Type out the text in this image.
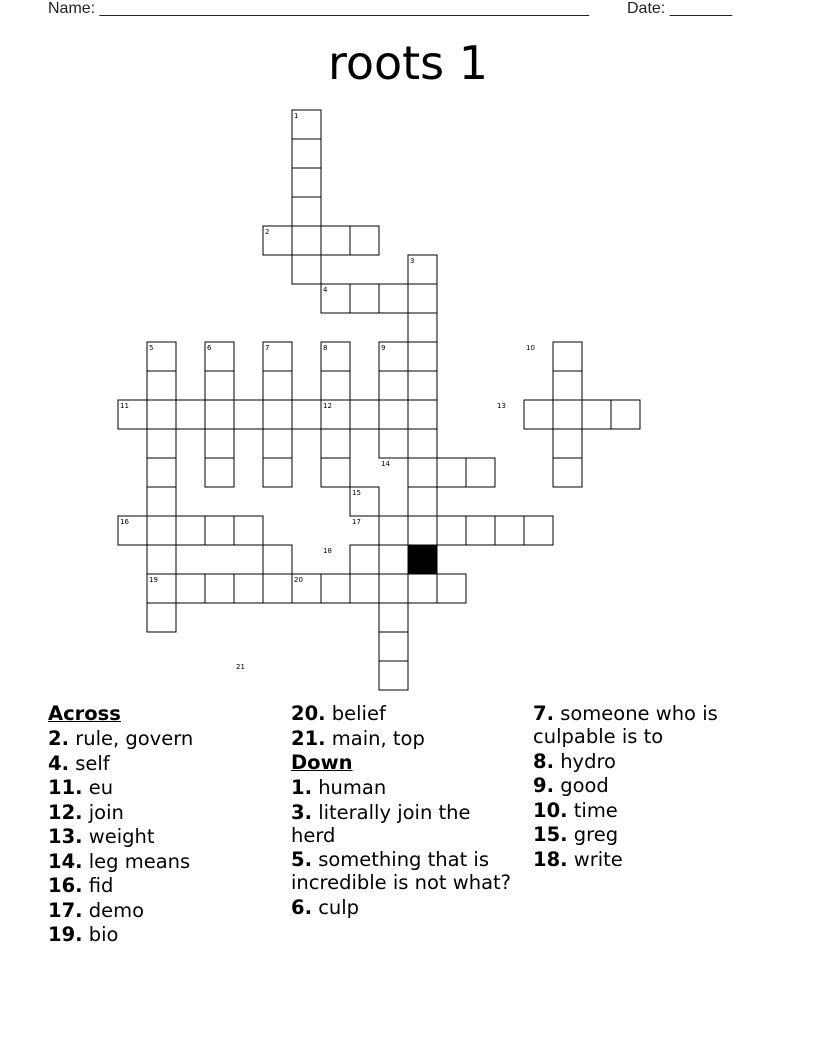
Name: _______________________________________________________ Date: _______
roots 1
1
2
3
4
5	6	7	8	9	10
11	12	13
14
15
16	17
18
19	20
21
Across
2. rule, govern
4. self
11. eu
12. join
13. weight
14. leg means
16. fid
17. demo
19. bio
20. belief
21. main, top
Down
1. human
3. literally join the herd
5. something that is incredible is not what?
6. culp
7. someone who is culpable is to
8. hydro
9. good
10. time
15. greg
18. write
